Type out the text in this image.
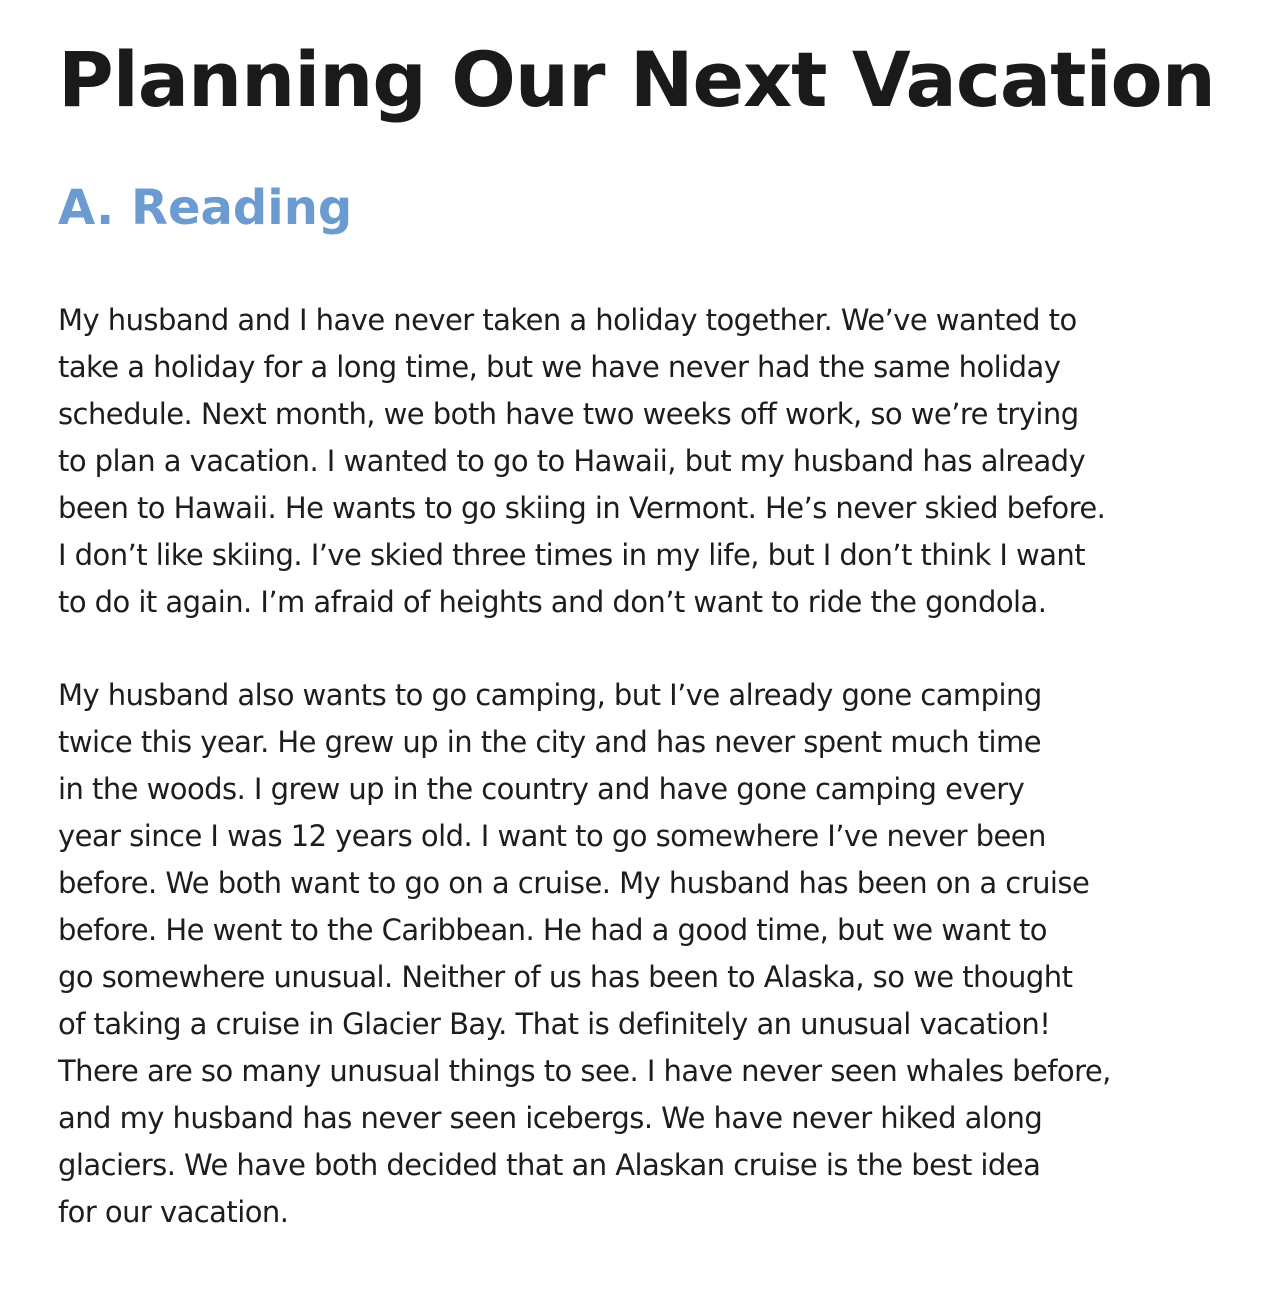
Planning Our Next Vacation
A. Reading

My husband and I have never taken a holiday together. We’ve wanted to
take a holiday for a long time, but we have never had the same holiday
schedule. Next month, we both have two weeks off work, so we’re trying
to plan a vacation. I wanted to go to Hawaii, but my husband has already
been to Hawaii. He wants to go skiing in Vermont. He’s never skied before.
I don’t like skiing. I’ve skied three times in my life, but I don’t think I want
to do it again. I’m afraid of heights and don’t want to ride the gondola.

My husband also wants to go camping, but I’ve already gone camping
twice this year. He grew up in the city and has never spent much time
in the woods. I grew up in the country and have gone camping every
year since I was 12 years old. I want to go somewhere I’ve never been
before. We both want to go on a cruise. My husband has been on a cruise
before. He went to the Caribbean. He had a good time, but we want to
go somewhere unusual. Neither of us has been to Alaska, so we thought
of taking a cruise in Glacier Bay. That is definitely an unusual vacation!
There are so many unusual things to see. I have never seen whales before,
and my husband has never seen icebergs. We have never hiked along
glaciers. We have both decided that an Alaskan cruise is the best idea
for our vacation.
